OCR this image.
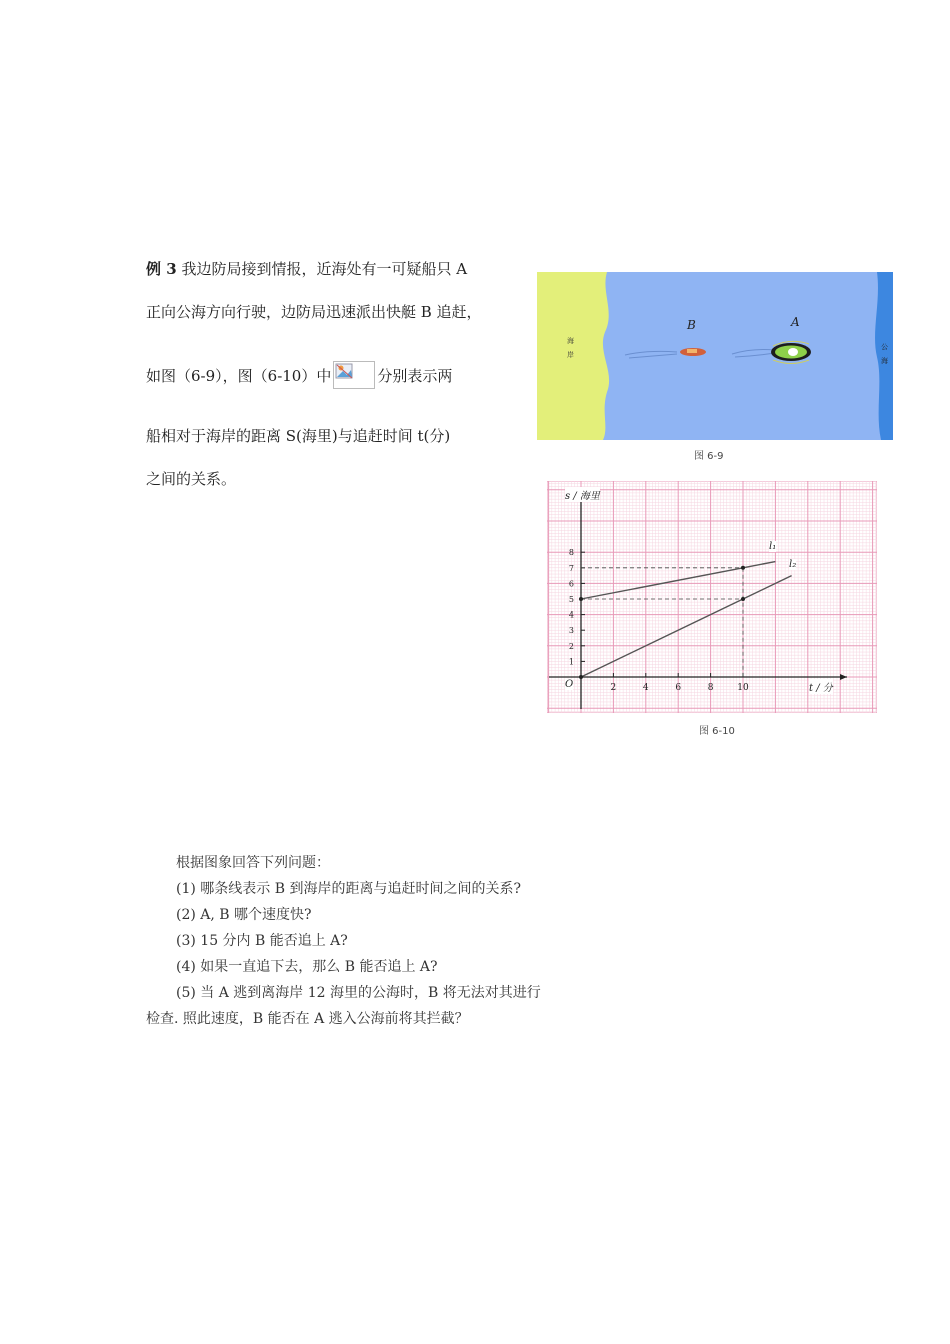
例 3 我边防局接到情报，近海处有一可疑船只 A
正向公海方向行驶，边防局迅速派出快艇 B 追赶，
如图（6-9），图（6-10）中	分别表示两
船相对于海岸的距离 S(海里)与追赶时间 t(分)
之间的关系。
海
岸
公
海
B	A
图 6-9
2	4	6	8	10
1
2
3
4
5
6
7
8
s / 海里
t / 分
O
l₁
l₂
图 6-10
根据图象回答下列问题：
(1) 哪条线表示 B 到海岸的距离与追赶时间之间的关系?
(2) A, B 哪个速度快?
(3) 15 分内 B 能否追上 A?
(4) 如果一直追下去，那么 B 能否追上 A?
(5) 当 A 逃到离海岸 12 海里的公海时，B 将无法对其进行
检查. 照此速度，B 能否在 A 逃入公海前将其拦截？
